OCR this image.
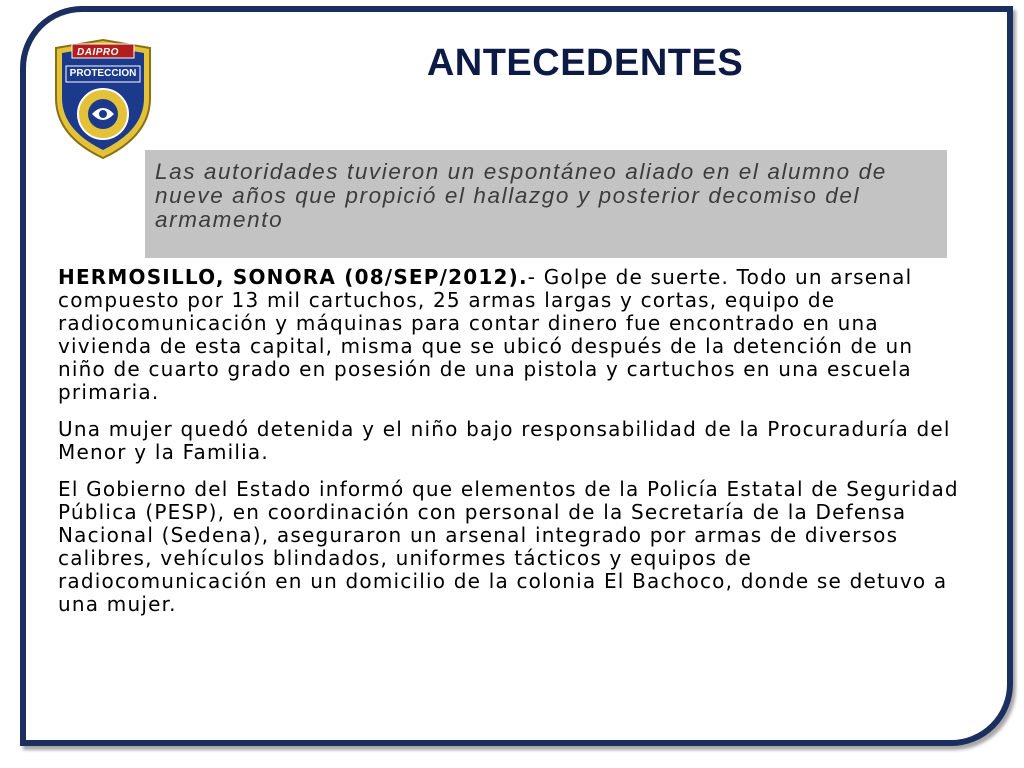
DAIPRO
PROTECCION	ANTECEDENTES
Las autoridades tuvieron un espontáneo aliado en el alumno de nueve años que propició el hallazgo y posterior decomiso del armamento

HERMOSILLO, SONORA (08/SEP/2012).- Golpe de suerte. Todo un arsenal compuesto por 13 mil cartuchos, 25 armas largas y cortas, equipo de radiocomunicación y máquinas para contar dinero fue encontrado en una vivienda de esta capital, misma que se ubicó después de la detención de un niño de cuarto grado en posesión de una pistola y cartuchos en una escuela primaria.

Una mujer quedó detenida y el niño bajo responsabilidad de la Procuraduría del Menor y la Familia.

El Gobierno del Estado informó que elementos de la Policía Estatal de Seguridad Pública (PESP), en coordinación con personal de la Secretaría de la Defensa Nacional (Sedena), aseguraron un arsenal integrado por armas de diversos calibres, vehículos blindados, uniformes tácticos y equipos de radiocomunicación en un domicilio de la colonia El Bachoco, donde se detuvo a una mujer.
